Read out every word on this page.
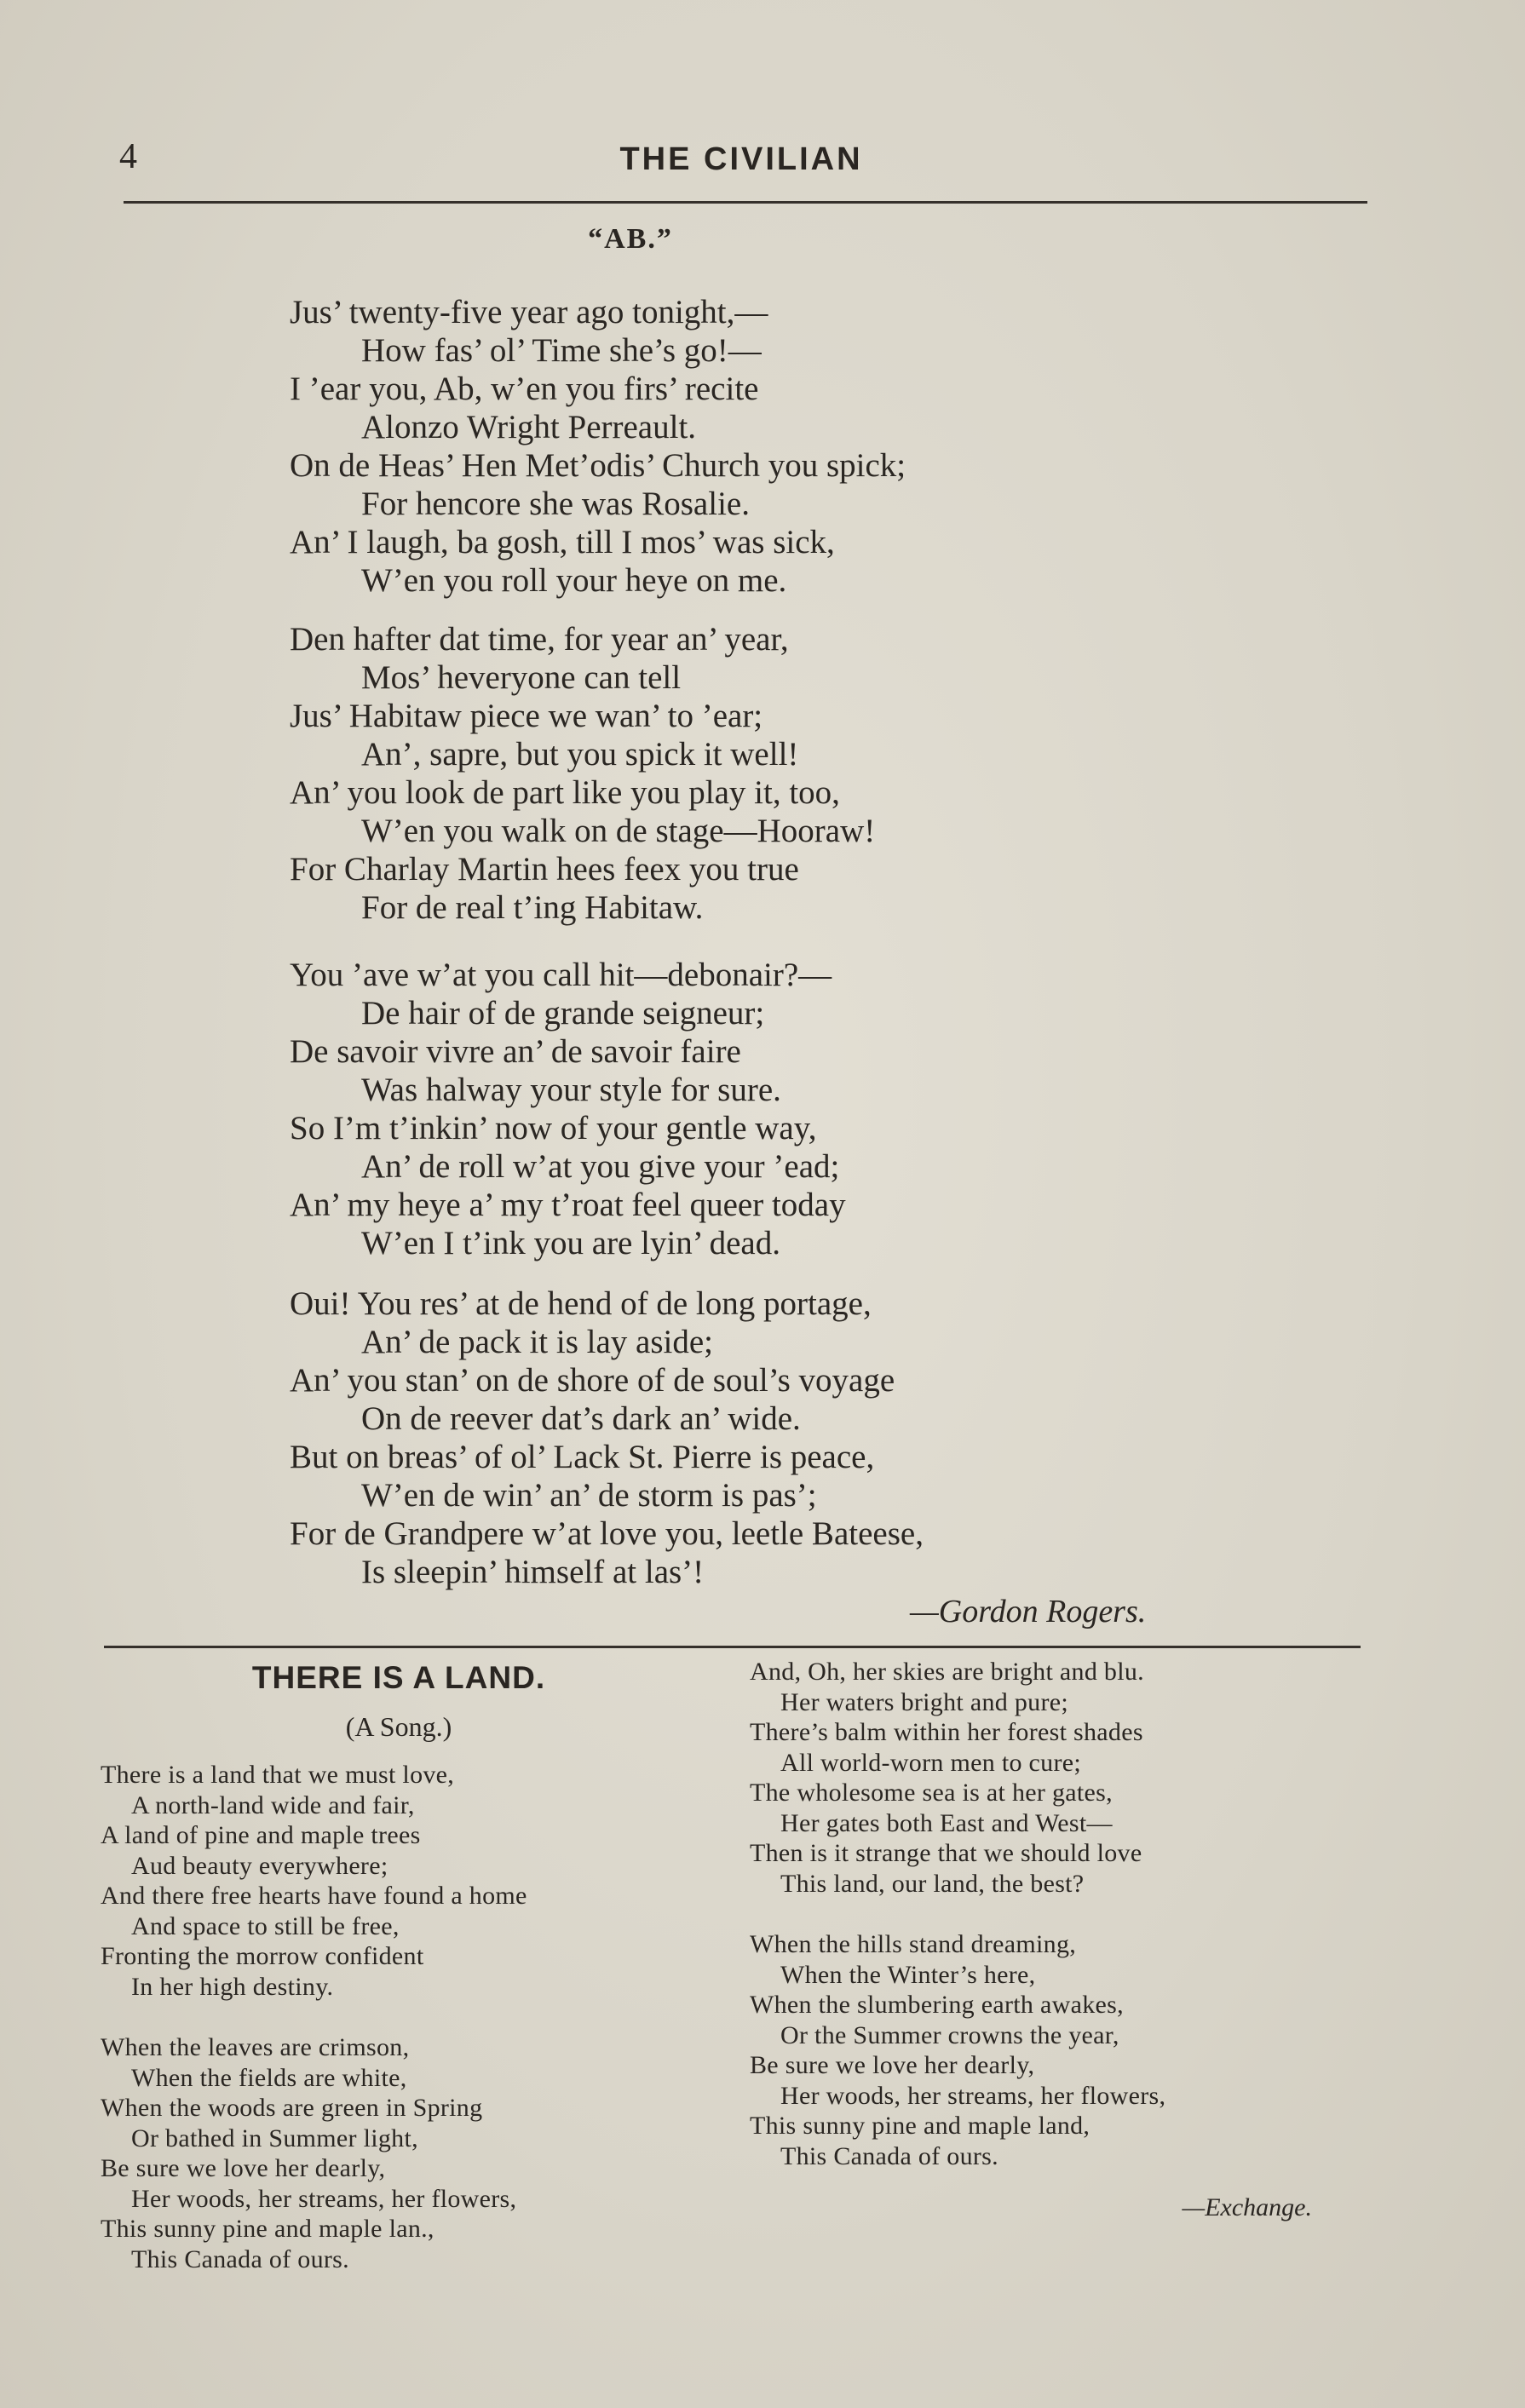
4	THE CIVILIAN
“AB.”
Jus’ twenty-five year ago tonight,—
How fas’ ol’ Time she’s go!—
I ’ear you, Ab, w’en you firs’ recite
Alonzo Wright Perreault.
On de Heas’ Hen Met’odis’ Church you spick;
For hencore she was Rosalie.
An’ I laugh, ba gosh, till I mos’ was sick,
W’en you roll your heye on me.
Den hafter dat time, for year an’ year,
Mos’ heveryone can tell
Jus’ Habitaw piece we wan’ to ’ear;
An’, sapre, but you spick it well!
An’ you look de part like you play it, too,
W’en you walk on de stage—Hooraw!
For Charlay Martin hees feex you true
For de real t’ing Habitaw.
You ’ave w’at you call hit—debonair?—
De hair of de grande seigneur;
De savoir vivre an’ de savoir faire
Was halway your style for sure.
So I’m t’inkin’ now of your gentle way,
An’ de roll w’at you give your ’ead;
An’ my heye a’ my t’roat feel queer today
W’en I t’ink you are lyin’ dead.
Oui! You res’ at de hend of de long portage,
An’ de pack it is lay aside;
An’ you stan’ on de shore of de soul’s voyage
On de reever dat’s dark an’ wide.
But on breas’ of ol’ Lack St. Pierre is peace,
W’en de win’ an’ de storm is pas’;
For de Grandpere w’at love you, leetle Bateese,
Is sleepin’ himself at las’!
—Gordon Rogers.
THERE IS A LAND.
(A Song.)
There is a land that we must love,
A north-land wide and fair,
A land of pine and maple trees
Aud beauty everywhere;
And there free hearts have found a home
And space to still be free,
Fronting the morrow confident
In her high destiny.
When the leaves are crimson,
When the fields are white,
When the woods are green in Spring
Or bathed in Summer light,
Be sure we love her dearly,
Her woods, her streams, her flowers,
This sunny pine and maple lan.,
This Canada of ours.
And, Oh, her skies are bright and blu.
Her waters bright and pure;
There’s balm within her forest shades
All world-worn men to cure;
The wholesome sea is at her gates,
Her gates both East and West—
Then is it strange that we should love
This land, our land, the best?
When the hills stand dreaming,
When the Winter’s here,
When the slumbering earth awakes,
Or the Summer crowns the year,
Be sure we love her dearly,
Her woods, her streams, her flowers,
This sunny pine and maple land,
This Canada of ours.
—Exchange.
